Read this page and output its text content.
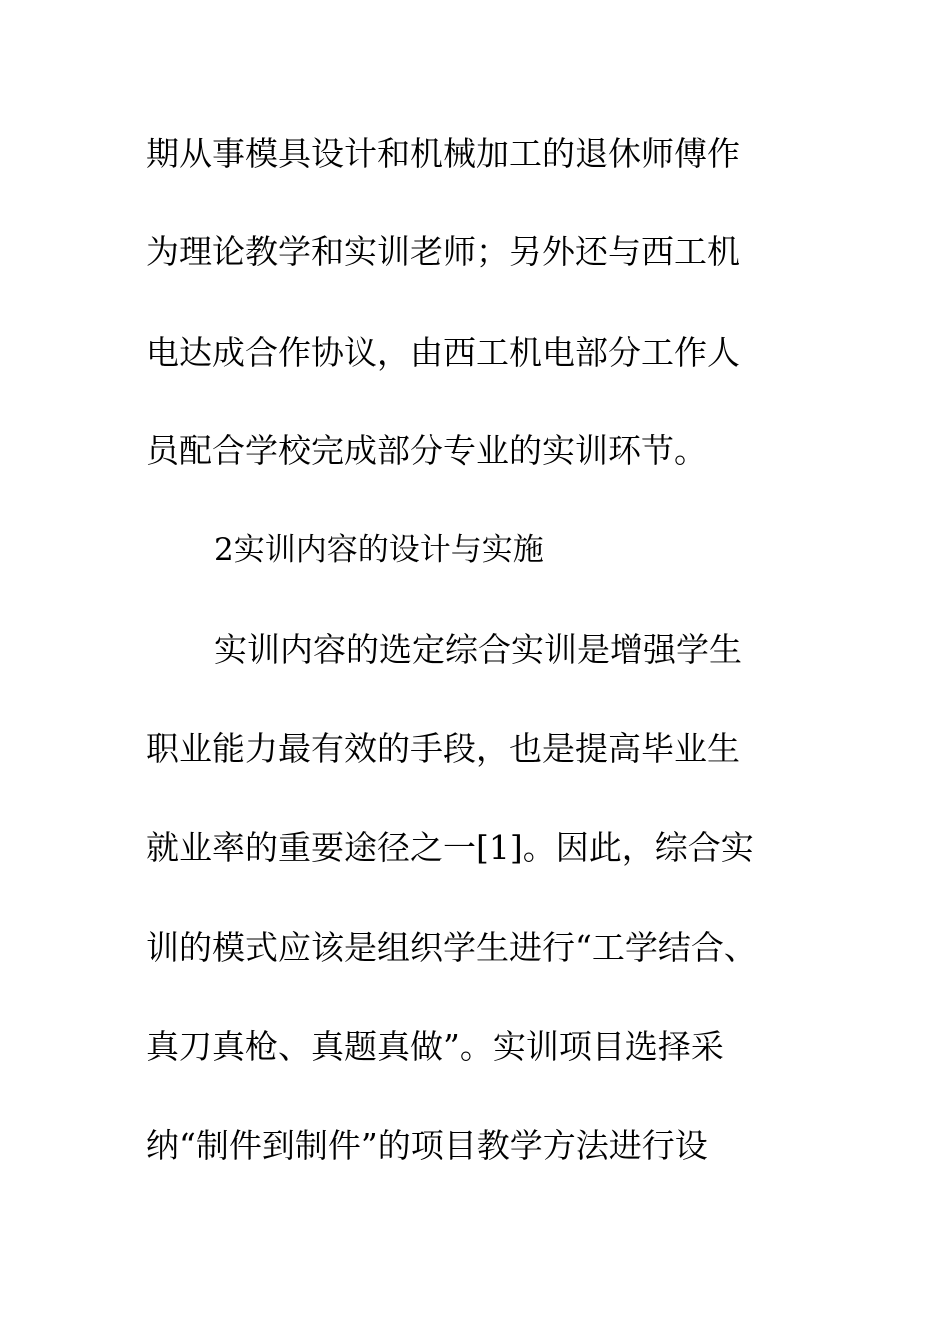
期从事模具设计和机械加工的退休师傅作
为理论教学和实训老师；另外还与西工机
电达成合作协议，由西工机电部分工作人
员配合学校完成部分专业的实训环节。
2实训内容的设计与实施
实训内容的选定综合实训是增强学生
职业能力最有效的手段，也是提高毕业生
就业率的重要途径之一[1]。因此，综合实
训的模式应该是组织学生进行“工学结合、
真刀真枪、真题真做”。实训项目选择采
纳“制件到制件”的项目教学方法进行设
